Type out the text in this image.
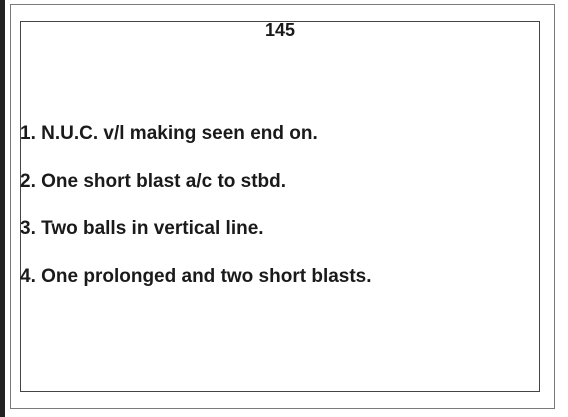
145
1. N.U.C. v/l making seen end on.
2. One short blast a/c to stbd.
3. Two balls in vertical line.
4. One prolonged and two short blasts.
